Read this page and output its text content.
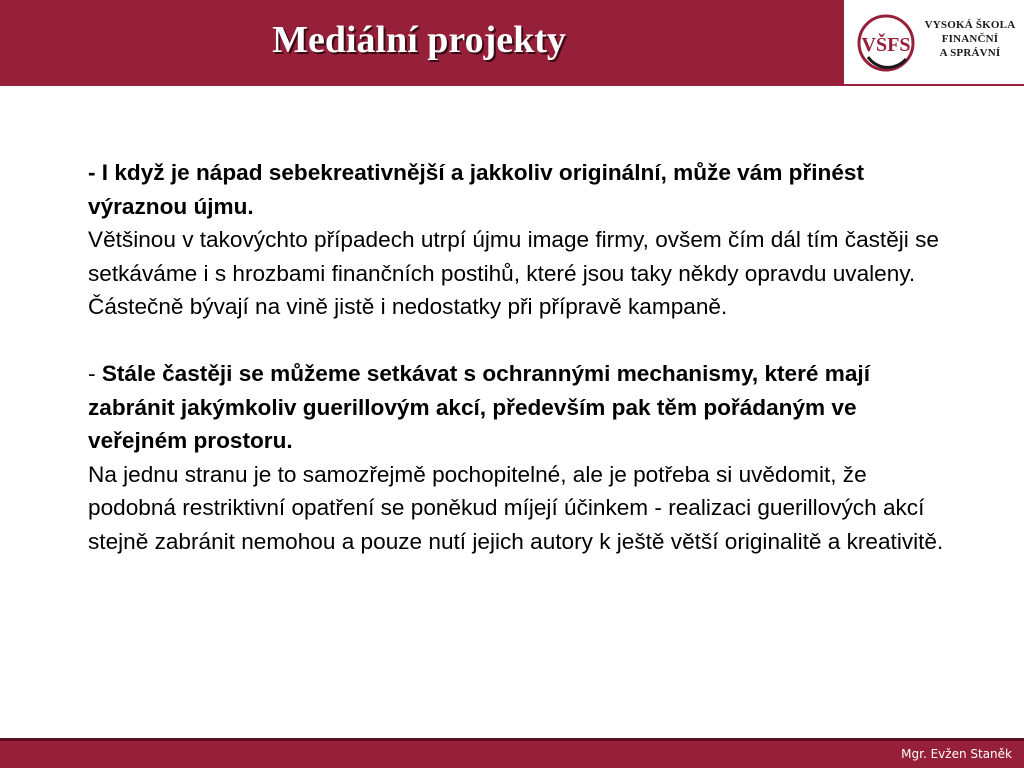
Mediální projekty	VŠFS
VYSOKÁ ŠKOLA
FINANČNÍ
A SPRÁVNÍ
- I když je nápad sebekreativnější a jakkoliv originální, může vám přinést výraznou újmu.
Většinou v takovýchto případech utrpí újmu image firmy, ovšem čím dál tím častěji se setkáváme i s hrozbami finančních postihů, které jsou taky někdy opravdu uvaleny. Částečně bývají na vině jistě i nedostatky při přípravě kampaně.
- Stále častěji se můžeme setkávat s ochrannými mechanismy, které mají zabránit jakýmkoliv guerillovým akcí, především pak těm pořádaným ve veřejném prostoru.
Na jednu stranu je to samozřejmě pochopitelné, ale je potřeba si uvědomit, že podobná restriktivní opatření se poněkud míjejí účinkem - realizaci guerillových akcí stejně zabránit nemohou a pouze nutí jejich autory k ještě větší originalitě a kreativitě.
Mgr. Evžen Staněk
